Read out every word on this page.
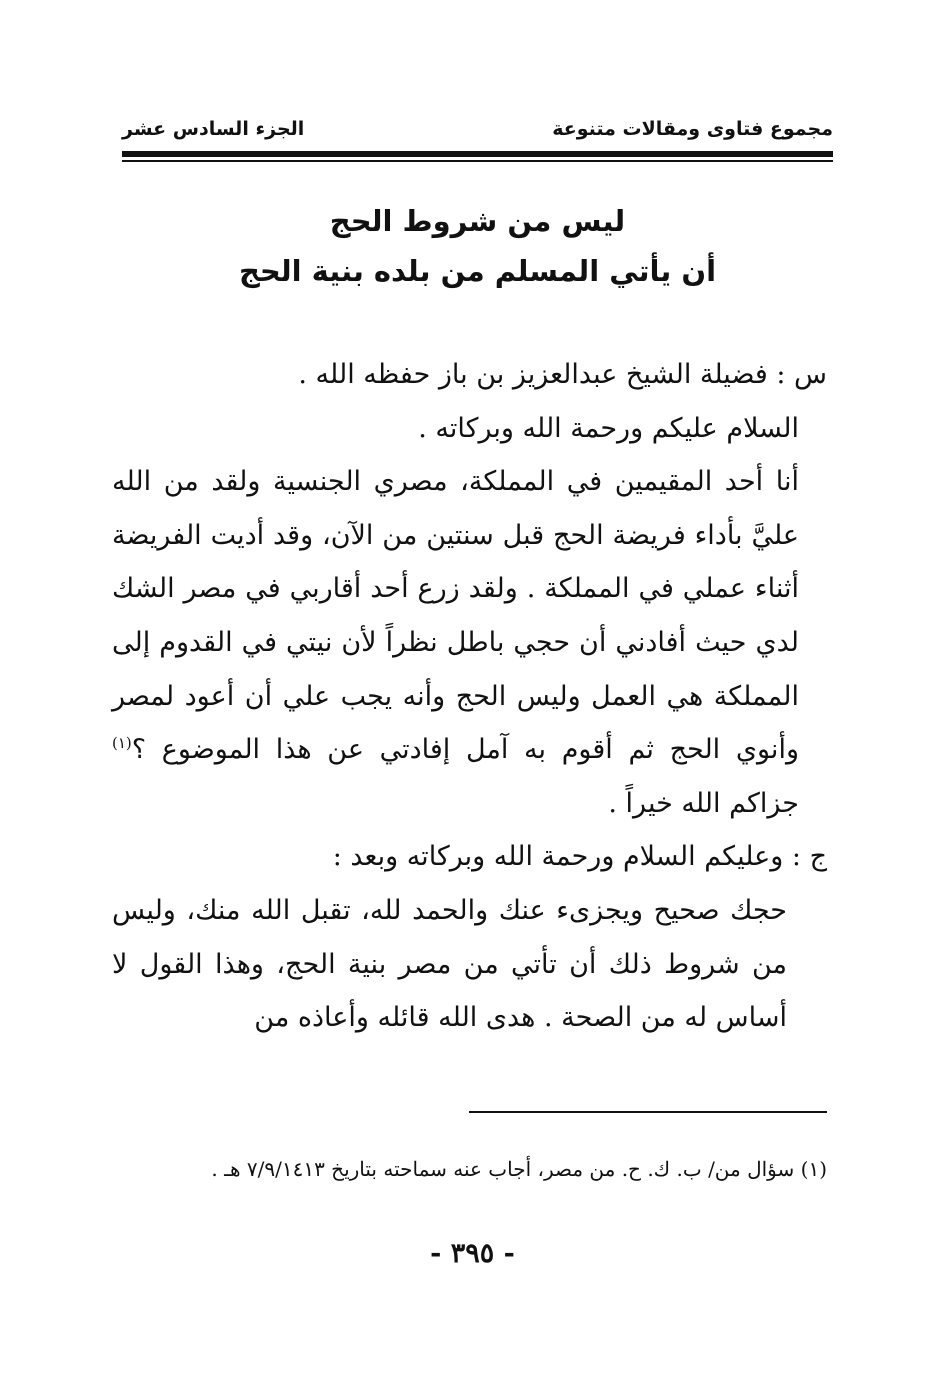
مجموع فتاوى ومقالات متنوعة
الجزء السادس عشر
ليس من شروط الحج
أن يأتي المسلم من بلده بنية الحج

س : فضيلة الشيخ عبدالعزيز بن باز حفظه الله .

السلام عليكم ورحمة الله وبركاته .

أنا أحد المقيمين في المملكة، مصري الجنسية ولقد من الله عليَّ بأداء فريضة الحج قبل سنتين من الآن، وقد أديت الفريضة أثناء عملي في المملكة . ولقد زرع أحد أقاربي في مصر الشك لدي حيث أفادني أن حجي باطل نظراً لأن نيتي في القدوم إلى المملكة هي العمل وليس الحج وأنه يجب علي أن أعود لمصر وأنوي الحج ثم أقوم به آمل إفادتي عن هذا الموضوع ؟$^{(١)}$ جزاكم الله خيراً .

ج : وعليكم السلام ورحمة الله وبركاته وبعد :

حجك صحيح ويجزىء عنك والحمد لله، تقبل الله منك، وليس من شروط ذلك أن تأتي من مصر بنية الحج، وهذا القول لا أساس له من الصحة . هدى الله قائله وأعاذه من

(١) سؤال من/ ب. ك. ح. من مصر، أجاب عنه سماحته بتاريخ ٧/٩/١٤١٣ هـ .

- ٣٩٥ -
